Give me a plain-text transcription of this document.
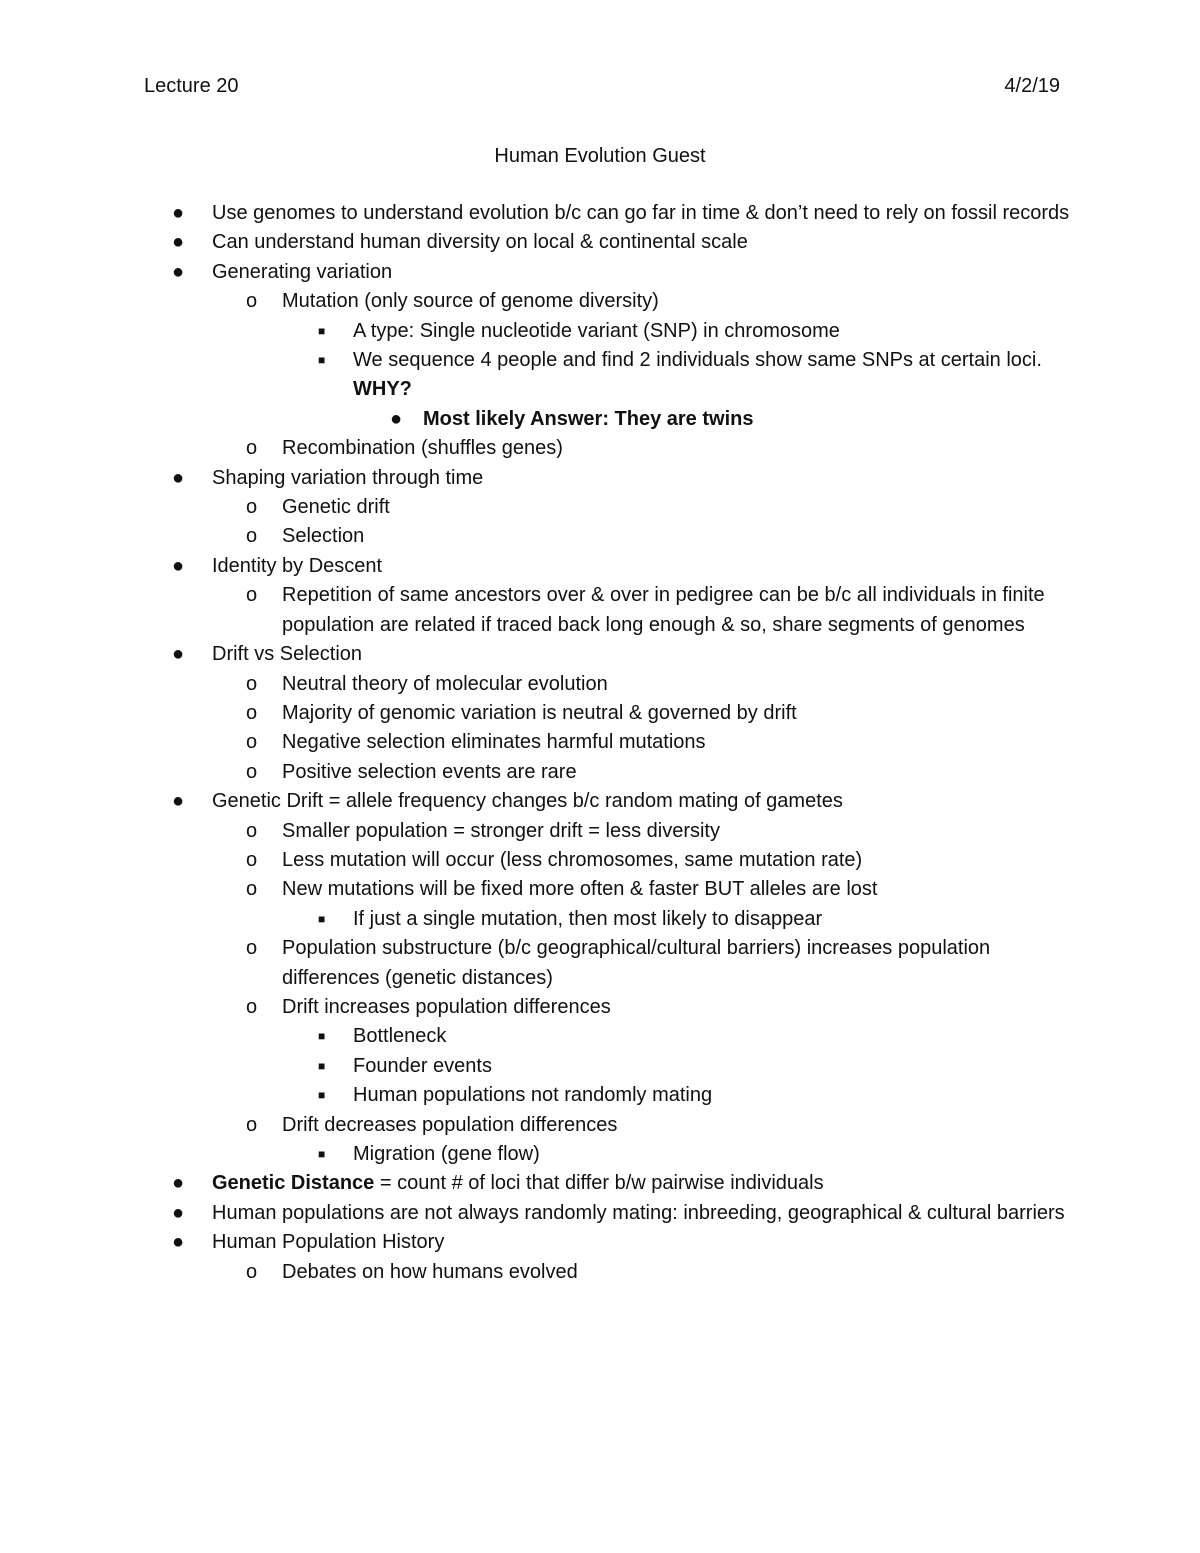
Lecture 20	4/2/19
Human Evolution Guest
● Use genomes to understand evolution b/c can go far in time & don’t need to rely on fossil records
● Can understand human diversity on local & continental scale
● Generating variation
o Mutation (only source of genome diversity)
■ A type: Single nucleotide variant (SNP) in chromosome
■ We sequence 4 people and find 2 individuals show same SNPs at certain loci. WHY?
● Most likely Answer: They are twins
o Recombination (shuffles genes)
● Shaping variation through time
o Genetic drift
o Selection
● Identity by Descent
o Repetition of same ancestors over & over in pedigree can be b/c all individuals in finite population are related if traced back long enough & so, share segments of genomes
● Drift vs Selection
o Neutral theory of molecular evolution
o Majority of genomic variation is neutral & governed by drift
o Negative selection eliminates harmful mutations
o Positive selection events are rare
● Genetic Drift = allele frequency changes b/c random mating of gametes
o Smaller population = stronger drift = less diversity
o Less mutation will occur (less chromosomes, same mutation rate)
o New mutations will be fixed more often & faster BUT alleles are lost
■ If just a single mutation, then most likely to disappear
o Population substructure (b/c geographical/cultural barriers) increases population differences (genetic distances)
o Drift increases population differences
■ Bottleneck
■ Founder events
■ Human populations not randomly mating
o Drift decreases population differences
■ Migration (gene flow)
● Genetic Distance = count # of loci that differ b/w pairwise individuals
● Human populations are not always randomly mating: inbreeding, geographical & cultural barriers
● Human Population History
o Debates on how humans evolved
